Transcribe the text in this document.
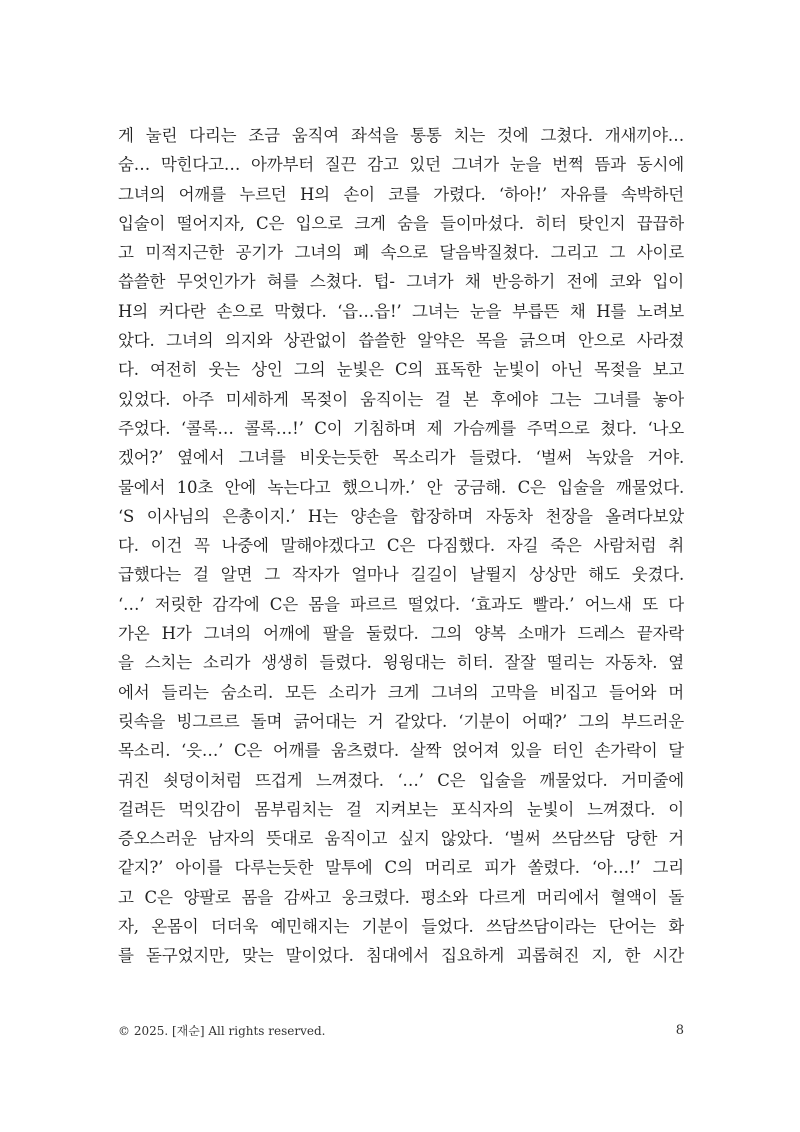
게 눌린 다리는 조금 움직여 좌석을 통통 치는 것에 그쳤다. 개새끼야…
숨… 막힌다고… 아까부터 질끈 감고 있던 그녀가 눈을 번쩍 뜸과 동시에
그녀의 어깨를 누르던 H의 손이 코를 가렸다. ‘하아!’ 자유를 속박하던
입술이 떨어지자, C은 입으로 크게 숨을 들이마셨다. 히터 탓인지 끕끕하
고 미적지근한 공기가 그녀의 폐 속으로 달음박질쳤다. 그리고 그 사이로
씁쓸한 무엇인가가 혀를 스쳤다. 텁- 그녀가 채 반응하기 전에 코와 입이
H의 커다란 손으로 막혔다. ‘읍…읍!’ 그녀는 눈을 부릅뜬 채 H를 노려보
았다. 그녀의 의지와 상관없이 씁쓸한 알약은 목을 긁으며 안으로 사라졌
다. 여전히 웃는 상인 그의 눈빛은 C의 표독한 눈빛이 아닌 목젖을 보고
있었다. 아주 미세하게 목젖이 움직이는 걸 본 후에야 그는 그녀를 놓아
주었다. ‘콜록… 콜록…!’ C이 기침하며 제 가슴께를 주먹으로 쳤다. ‘나오
겠어?’ 옆에서 그녀를 비웃는듯한 목소리가 들렸다. ‘벌써 녹았을 거야.
물에서 10초 안에 녹는다고 했으니까.’ 안 궁금해. C은 입술을 깨물었다.
‘S 이사님의 은총이지.’ H는 양손을 합장하며 자동차 천장을 올려다보았
다. 이건 꼭 나중에 말해야겠다고 C은 다짐했다. 자길 죽은 사람처럼 취
급했다는 걸 알면 그 작자가 얼마나 길길이 날뛸지 상상만 해도 웃겼다.
‘…’ 저릿한 감각에 C은 몸을 파르르 떨었다. ‘효과도 빨라.’ 어느새 또 다
가온 H가 그녀의 어깨에 팔을 둘렀다. 그의 양복 소매가 드레스 끝자락
을 스치는 소리가 생생히 들렸다. 윙윙대는 히터. 잘잘 떨리는 자동차. 옆
에서 들리는 숨소리. 모든 소리가 크게 그녀의 고막을 비집고 들어와 머
릿속을 빙그르르 돌며 긁어대는 거 같았다. ‘기분이 어때?’ 그의 부드러운
목소리. ‘읏…’ C은 어깨를 움츠렸다. 살짝 얹어져 있을 터인 손가락이 달
궈진 쇳덩이처럼 뜨겁게 느껴졌다. ‘…’ C은 입술을 깨물었다. 거미줄에
걸려든 먹잇감이 몸부림치는 걸 지켜보는 포식자의 눈빛이 느껴졌다. 이
증오스러운 남자의 뜻대로 움직이고 싶지 않았다. ‘벌써 쓰담쓰담 당한 거
같지?’ 아이를 다루는듯한 말투에 C의 머리로 피가 쏠렸다. ‘아…!’ 그리
고 C은 양팔로 몸을 감싸고 웅크렸다. 평소와 다르게 머리에서 혈액이 돌
자, 온몸이 더더욱 예민해지는 기분이 들었다. 쓰담쓰담이라는 단어는 화
를 돋구었지만, 맞는 말이었다. 침대에서 집요하게 괴롭혀진 지, 한 시간
© 2025. [재순] All rights reserved.	8
